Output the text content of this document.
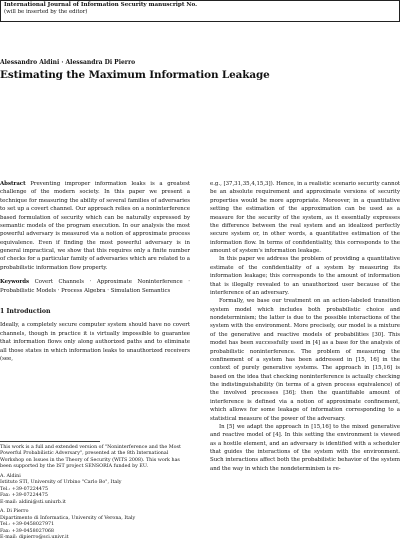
International Journal of Information Security manuscript No.
(will be inserted by the editor)
Alessandro Aldini · Alessandra Di Pierro
Estimating the Maximum Information Leakage

Abstract Preventing improper information leaks is a greatest challenge of the modern society. In this paper we present a technique for measuring the ability of several families of adversaries to set up a covert channel. Our approach relies on a noninterference based formulation of security which can be naturally expressed by semantic models of the program execution. In our analysis the most powerful adversary is measured via a notion of approximate process equivalence. Even if finding the most powerful adversary is in general impractical, we show that this requires only a finite number of checks for a particular family of adversaries which are related to a probabilistic information flow property.

Keywords Covert Channels · Approximate Noninterference · Probabilistic Models · Process Algebra · Simulation Semantics

1 Introduction

Ideally, a completely secure computer system should have no covert channels, though in practice it is virtually impossible to guarantee that information flows only along authorized paths and to eliminate all those states in which information leaks to unauthorized receivers (see,

This work is a full and extended version of "Noninterference and the Most Powerful Probabilistic Adversary", presented at the 8th International Workshop on Issues in the Theory of Security (WITS 2008). This work has been supported by the IST project SENSORIA funded by EU.
A. Aldini
Istituto STI, University of Urbino "Carlo Bo", Italy
Tel.: +39-07224475
Fax: +39-07224475
E-mail: aldini@sti.uniurb.it
A. Di Pierro
Dipartimento di Informatica, University of Verona, Italy
Tel.: +39-0458027971
Fax: +39-0458027068
E-mail: dipierro@sci.univr.it

e.g., [37,31,35,4,15,3]). Hence, in a realistic scenario security cannot be an absolute requirement and approximate versions of security properties would be more appropriate. Moreover, in a quantitative setting the estimation of the approximation can be used as a measure for the security of the system, as it essentially expresses the difference between the real system and an idealized perfectly secure system or, in other words, a quantitative estimation of the information flow. In terms of confidentiality, this corresponds to the amount of system's information leakage.

In this paper we address the problem of providing a quantitative estimate of the confidentiality of a system by measuring its information leakage; this corresponds to the amount of information that is illegally revealed to an unauthorized user because of the interference of an adversary.

Formally, we base our treatment on an action-labeled transition system model which includes both probabilistic choice and nondeterminism; the latter is due to the possible interactions of the system with the environment. More precisely, our model is a mixture of the generative and reactive models of probabilities [30]. This model has been successfully used in [4] as a base for the analysis of probabilistic noninterference. The problem of measuring the confinement of a system has been addressed in [15, 16] in the context of purely generative systems. The approach in [15,16] is based on the idea that checking noninterference is actually checking the indistinguishability (in terms of a given process equivalence) of the involved processes [36]; then the quantifiable amount of interference is defined via a notion of approximate confinement, which allows for some leakage of information corresponding to a statistical measure of the power of the adversary.

In [5] we adapt the approach in [15,16] to the mixed generative and reactive model of [4]. In this setting the environment is viewed as a hostile element, and an adversary is identified with a scheduler that guides the interactions of the system with the environment. Such interactions affect both the probabilistic behavior of the system and the way in which the nondeterminism is re-
